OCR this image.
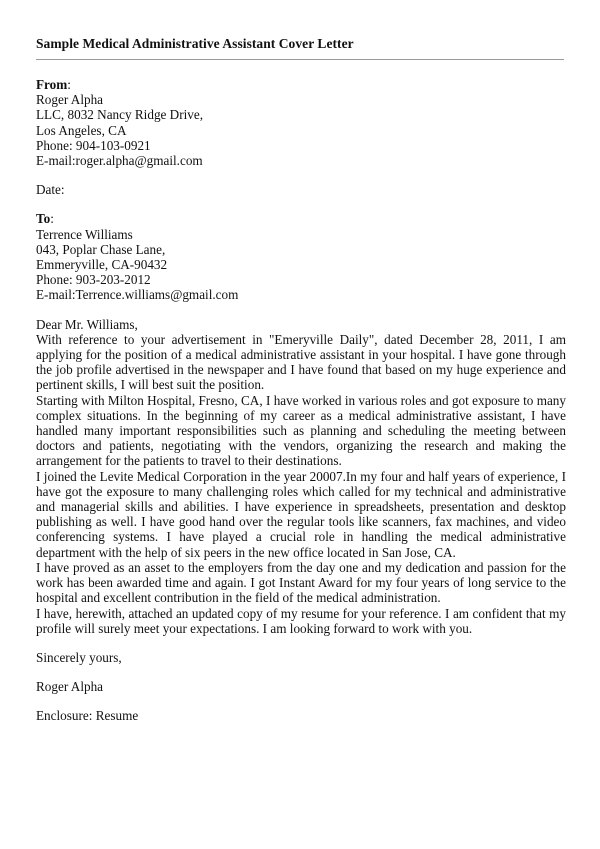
Sample Medical Administrative Assistant Cover Letter
From:
Roger Alpha
LLC, 8032 Nancy Ridge Drive,
Los Angeles, CA
Phone: 904-103-0921
E-mail:roger.alpha@gmail.com
Date:
To:
Terrence Williams
043, Poplar Chase Lane,
Emmeryville, CA-90432
Phone: 903-203-2012
E-mail:Terrence.williams@gmail.com
Dear Mr. Williams,

With reference to your advertisement in "Emeryville Daily", dated December 28, 2011, I am applying for the position of a medical administrative assistant in your hospital. I have gone through the job profile advertised in the newspaper and I have found that based on my huge experience and pertinent skills, I will best suit the position.

Starting with Milton Hospital, Fresno, CA, I have worked in various roles and got exposure to many complex situations. In the beginning of my career as a medical administrative assistant, I have handled many important responsibilities such as planning and scheduling the meeting between doctors and patients, negotiating with the vendors, organizing the research and making the arrangement for the patients to travel to their destinations.

I joined the Levite Medical Corporation in the year 20007.In my four and half years of experience, I have got the exposure to many challenging roles which called for my technical and administrative and managerial skills and abilities. I have experience in spreadsheets, presentation and desktop publishing as well. I have good hand over the regular tools like scanners, fax machines, and video conferencing systems. I have played a crucial role in handling the medical administrative department with the help of six peers in the new office located in San Jose, CA.

I have proved as an asset to the employers from the day one and my dedication and passion for the work has been awarded time and again. I got Instant Award for my four years of long service to the hospital and excellent contribution in the field of the medical administration.

I have, herewith, attached an updated copy of my resume for your reference. I am confident that my profile will surely meet your expectations. I am looking forward to work with you.

Sincerely yours,
Roger Alpha
Enclosure: Resume
